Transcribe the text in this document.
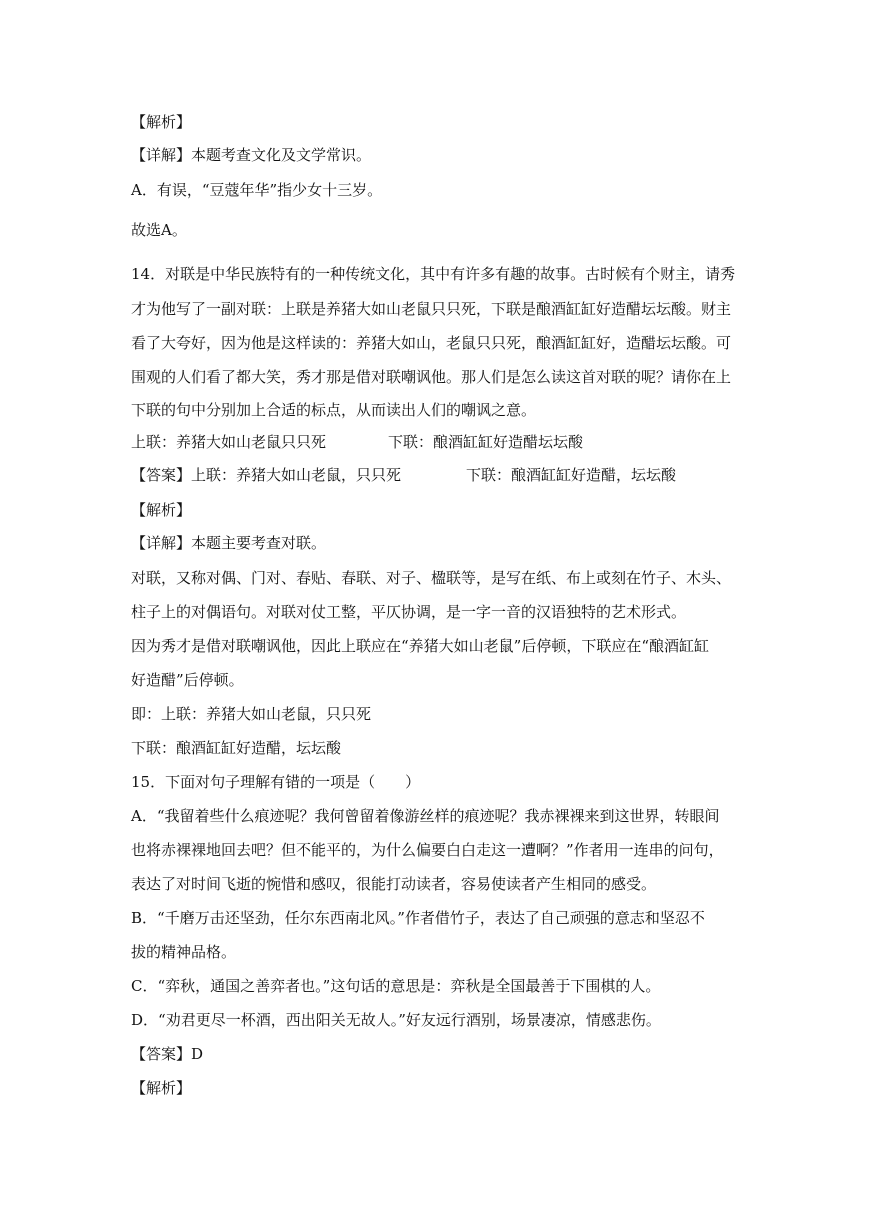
【解析】
【详解】本题考查文化及文学常识。
A．有误，“豆蔻年华”指少女十三岁。
故选A。
14．对联是中华民族特有的一种传统文化，其中有许多有趣的故事。古时候有个财主，请秀
才为他写了一副对联：上联是养猪大如山老鼠只只死，下联是酿酒缸缸好造醋坛坛酸。财主
看了大夸好，因为他是这样读的：养猪大如山，老鼠只只死，酿酒缸缸好，造醋坛坛酸。可
围观的人们看了都大笑，秀才那是借对联嘲讽他。那人们是怎么读这首对联的呢？请你在上
下联的句中分别加上合适的标点，从而读出人们的嘲讽之意。
上联：养猪大如山老鼠只只死	下联：酿酒缸缸好造醋坛坛酸
【答案】上联：养猪大如山老鼠，只只死	下联：酿酒缸缸好造醋，坛坛酸
【解析】
【详解】本题主要考查对联。
对联，又称对偶、门对、春贴、春联、对子、楹联等，是写在纸、布上或刻在竹子、木头、
柱子上的对偶语句。对联对仗工整，平仄协调，是一字一音的汉语独特的艺术形式。
因为秀才是借对联嘲讽他，因此上联应在“养猪大如山老鼠”后停顿，下联应在“酿酒缸缸
好造醋”后停顿。
即：上联：养猪大如山老鼠，只只死
下联：酿酒缸缸好造醋，坛坛酸
15．下面对句子理解有错的一项是（　　）
A．“我留着些什么痕迹呢？我何曾留着像游丝样的痕迹呢？我赤裸裸来到这世界，转眼间
也将赤裸裸地回去吧？但不能平的，为什么偏要白白走这一遭啊？”作者用一连串的问句，
表达了对时间飞逝的惋惜和感叹，很能打动读者，容易使读者产生相同的感受。
B．“千磨万击还坚劲，任尔东西南北风。”作者借竹子，表达了自己顽强的意志和坚忍不
拔的精神品格。
C．“弈秋，通国之善弈者也。”这句话的意思是：弈秋是全国最善于下围棋的人。
D．“劝君更尽一杯酒，西出阳关无故人。”好友远行酒别，场景凄凉，情感悲伤。
【答案】D
【解析】
